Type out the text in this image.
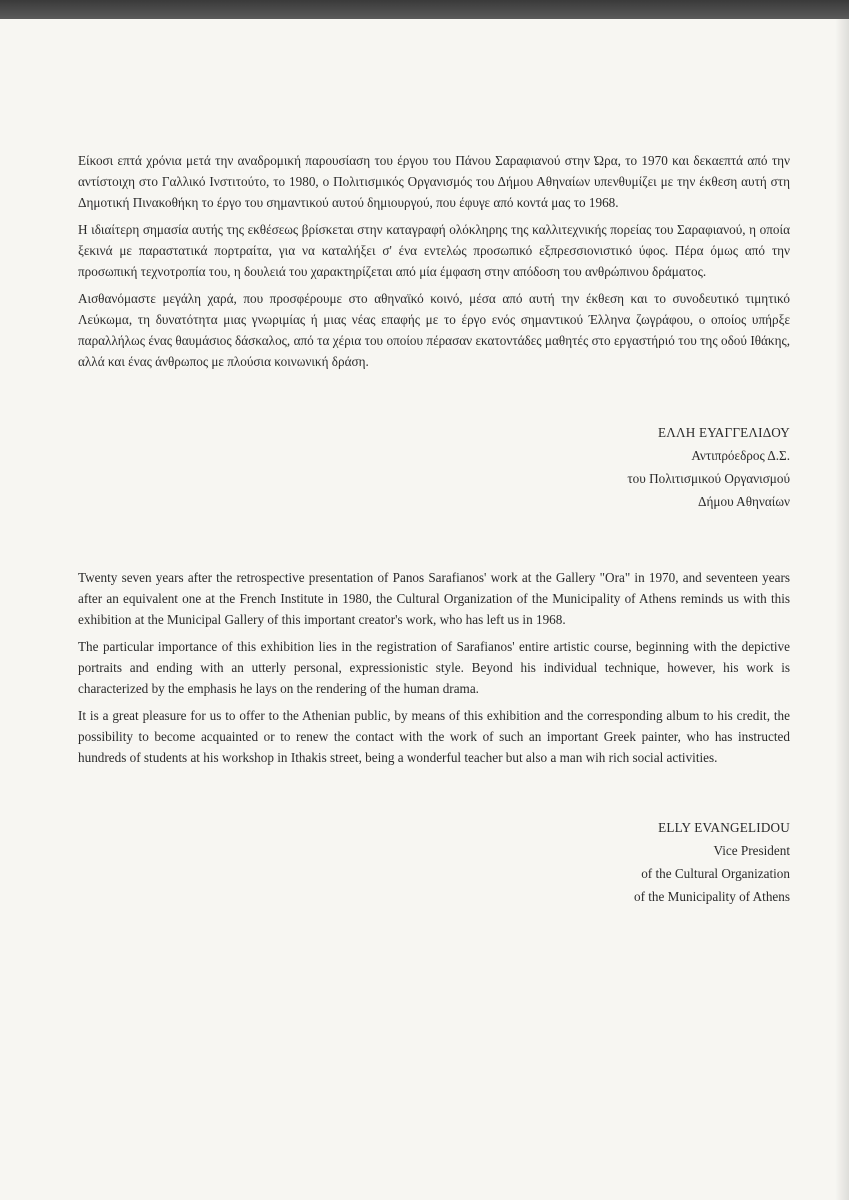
Είκοσι επτά χρόνια μετά την αναδρομική παρουσίαση του έργου του Πάνου Σαραφιανού στην Ώρα, το 1970 και δεκαεπτά από την αντίστοιχη στο Γαλλικό Ινστιτούτο, το 1980, ο Πολιτισμικός Οργανισμός του Δήμου Αθηναίων υπενθυμίζει με την έκθεση αυτή στη Δημοτική Πινακοθήκη το έργο του σημαντικού αυτού δημιουργού, που έφυγε από κοντά μας το 1968.

Η ιδιαίτερη σημασία αυτής της εκθέσεως βρίσκεται στην καταγραφή ολόκληρης της καλλιτεχνικής πορείας του Σαραφιανού, η οποία ξεκινά με παραστατικά πορτραίτα, για να καταλήξει σ' ένα εντελώς προσωπικό εξπρεσσιονιστικό ύφος. Πέρα όμως από την προσωπική τεχνοτροπία του, η δουλειά του χαρακτηρίζεται από μία έμφαση στην απόδοση του ανθρώπινου δράματος.

Αισθανόμαστε μεγάλη χαρά, που προσφέρουμε στο αθηναϊκό κοινό, μέσα από αυτή την έκθεση και το συνοδευτικό τιμητικό Λεύκωμα, τη δυνατότητα μιας γνωριμίας ή μιας νέας επαφής με το έργο ενός σημαντικού Έλληνα ζωγράφου, ο οποίος υπήρξε παραλλήλως ένας θαυμάσιος δάσκαλος, από τα χέρια του οποίου πέρασαν εκατοντάδες μαθητές στο εργαστήριό του της οδού Ιθάκης, αλλά και ένας άνθρωπος με πλούσια κοινωνική δράση.

ΕΛΛΗ ΕΥΑΓΓΕΛΙΔΟΥ
Αντιπρόεδρος Δ.Σ.
του Πολιτισμικού Οργανισμού
Δήμου Αθηναίων

Twenty seven years after the retrospective presentation of Panos Sarafianos' work at the Gallery "Ora" in 1970, and seventeen years after an equivalent one at the French Institute in 1980, the Cultural Organization of the Municipality of Athens reminds us with this exhibition at the Municipal Gallery of this important creator's work, who has left us in 1968.

The particular importance of this exhibition lies in the registration of Sarafianos' entire artistic course, beginning with the depictive portraits and ending with an utterly personal, expressionistic style. Beyond his individual technique, however, his work is characterized by the emphasis he lays on the rendering of the human drama.

It is a great pleasure for us to offer to the Athenian public, by means of this exhibition and the corresponding album to his credit, the possibility to become acquainted or to renew the contact with the work of such an important Greek painter, who has instructed hundreds of students at his workshop in Ithakis street, being a wonderful teacher but also a man wih rich social activities.

ELLY EVANGELIDOU
Vice President
of the Cultural Organization
of the Municipality of Athens
